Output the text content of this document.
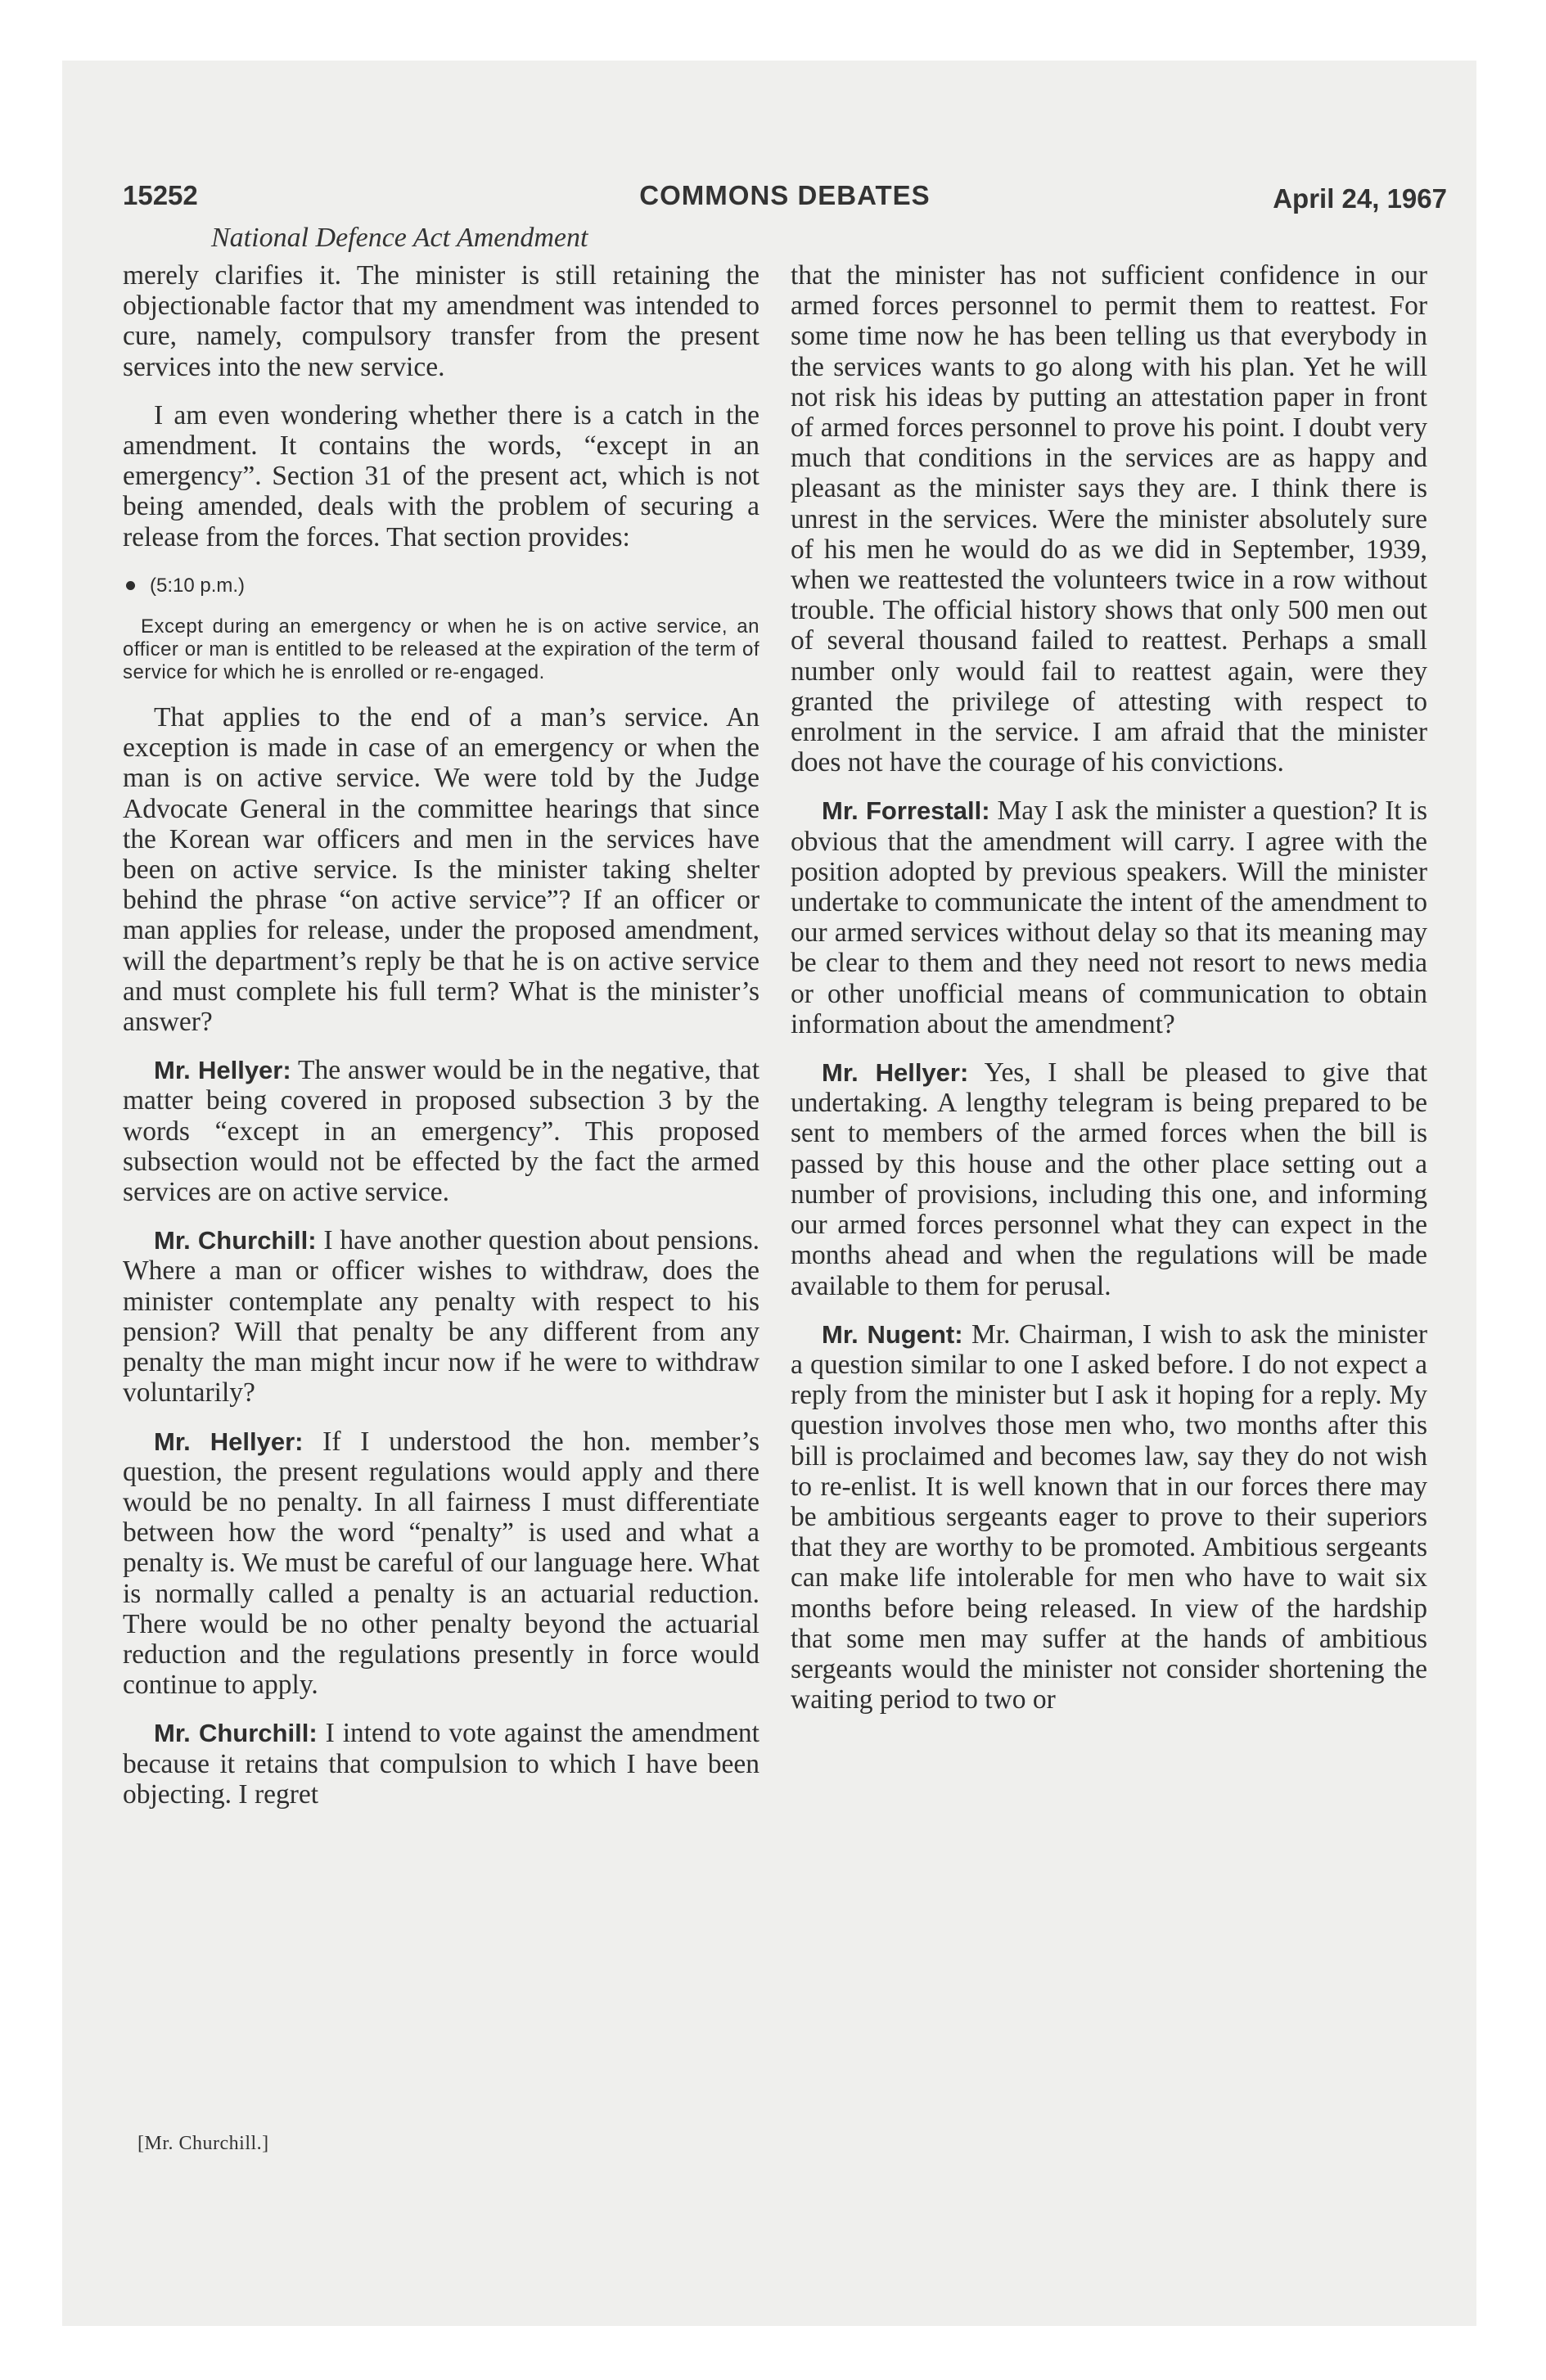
15252	COMMONS DEBATES	April 24, 1967
National Defence Act Amendment

merely clarifies it. The minister is still retaining the objectionable factor that my amendment was intended to cure, namely, compulsory transfer from the present services into the new service.

I am even wondering whether there is a catch in the amendment. It contains the words, “except in an emergency”. Section 31 of the present act, which is not being amended, deals with the problem of securing a release from the forces. That section provides:

(5:10 p.m.)

Except during an emergency or when he is on active service, an officer or man is entitled to be released at the expiration of the term of service for which he is enrolled or re-engaged.

That applies to the end of a man’s service. An exception is made in case of an emergency or when the man is on active service. We were told by the Judge Advocate General in the committee hearings that since the Korean war officers and men in the services have been on active service. Is the minister taking shelter behind the phrase “on active service”? If an officer or man applies for release, under the proposed amendment, will the department’s reply be that he is on active service and must complete his full term? What is the minister’s answer?

Mr. Hellyer: The answer would be in the negative, that matter being covered in proposed subsection 3 by the words “except in an emergency”. This proposed subsection would not be effected by the fact the armed services are on active service.

Mr. Churchill: I have another question about pensions. Where a man or officer wishes to withdraw, does the minister contemplate any penalty with respect to his pension? Will that penalty be any different from any penalty the man might incur now if he were to withdraw voluntarily?

Mr. Hellyer: If I understood the hon. member’s question, the present regulations would apply and there would be no penalty. In all fairness I must differentiate between how the word “penalty” is used and what a penalty is. We must be careful of our language here. What is normally called a penalty is an actuarial reduction. There would be no other penalty beyond the actuarial reduction and the regulations presently in force would continue to apply.

Mr. Churchill: I intend to vote against the amendment because it retains that compulsion to which I have been objecting. I regret

that the minister has not sufficient confidence in our armed forces personnel to permit them to reattest. For some time now he has been telling us that everybody in the services wants to go along with his plan. Yet he will not risk his ideas by putting an attestation paper in front of armed forces personnel to prove his point. I doubt very much that conditions in the services are as happy and pleasant as the minister says they are. I think there is unrest in the services. Were the minister absolutely sure of his men he would do as we did in September, 1939, when we reattested the volunteers twice in a row without trouble. The official history shows that only 500 men out of several thousand failed to reattest. Perhaps a small number only would fail to reattest again, were they granted the privilege of attesting with respect to enrolment in the service. I am afraid that the minister does not have the courage of his convictions.

Mr. Forrestall: May I ask the minister a question? It is obvious that the amendment will carry. I agree with the position adopted by previous speakers. Will the minister undertake to communicate the intent of the amendment to our armed services without delay so that its meaning may be clear to them and they need not resort to news media or other unofficial means of communication to obtain information about the amendment?

Mr. Hellyer: Yes, I shall be pleased to give that undertaking. A lengthy telegram is being prepared to be sent to members of the armed forces when the bill is passed by this house and the other place setting out a number of provisions, including this one, and informing our armed forces personnel what they can expect in the months ahead and when the regulations will be made available to them for perusal.

Mr. Nugent: Mr. Chairman, I wish to ask the minister a question similar to one I asked before. I do not expect a reply from the minister but I ask it hoping for a reply. My question involves those men who, two months after this bill is proclaimed and becomes law, say they do not wish to re-enlist. It is well known that in our forces there may be ambitious sergeants eager to prove to their superiors that they are worthy to be promoted. Ambitious sergeants can make life intolerable for men who have to wait six months before being released. In view of the hardship that some men may suffer at the hands of ambitious sergeants would the minister not consider shortening the waiting period to two or

[Mr. Churchill.]
